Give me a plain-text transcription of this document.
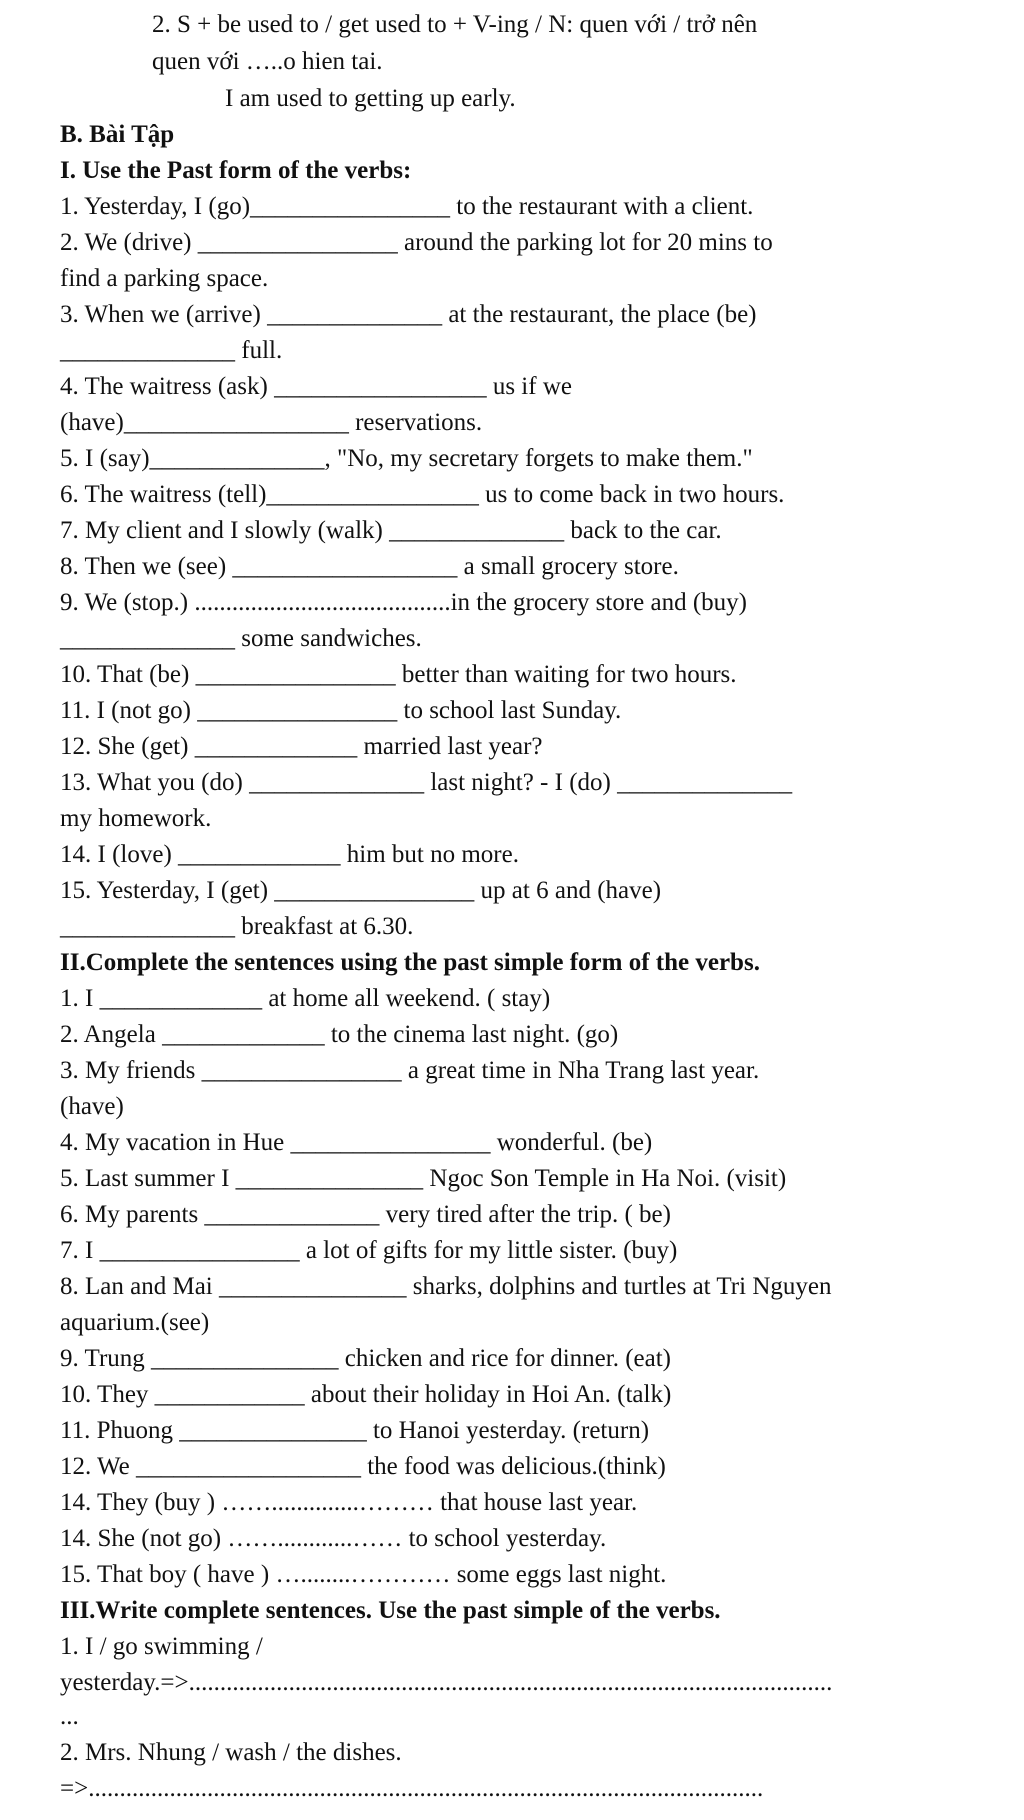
2. S + be used to / get used to + V-ing / N: quen với / trở nên
quen với …..o hien tai.
I am used to getting up early.
B. Bài Tập
I. Use the Past form of the verbs:
1. Yesterday, I (go)________________ to the restaurant with a client.
2. We (drive) ________________ around the parking lot for 20 mins to
find a parking space.
3. When we (arrive) ______________ at the restaurant, the place (be)
______________ full.
4. The waitress (ask) _________________ us if we
(have)__________________ reservations.
5. I (say)______________, "No, my secretary forgets to make them."
6. The waitress (tell)_________________ us to come back in two hours.
7. My client and I slowly (walk) ______________ back to the car.
8. Then we (see) __________________ a small grocery store.
9. We (stop.) .........................................in the grocery store and (buy)
______________ some sandwiches.
10. That (be) ________________ better than waiting for two hours.
11. I (not go) ________________ to school last Sunday.
12. She (get) _____________ married last year?
13. What you (do) ______________ last night? - I (do) ______________
my homework.
14. I (love) _____________ him but no more.
15. Yesterday, I (get) ________________ up at 6 and (have)
______________ breakfast at 6.30.
II.Complete the sentences using the past simple form of the verbs.
1. I _____________ at home all weekend. ( stay)
2. Angela _____________ to the cinema last night. (go)
3. My friends ________________ a great time in Nha Trang last year.
(have)
4. My vacation in Hue ________________ wonderful. (be)
5. Last summer I _______________ Ngoc Son Temple in Ha Noi. (visit)
6. My parents ______________ very tired after the trip. ( be)
7. I ________________ a lot of gifts for my little sister. (buy)
8. Lan and Mai _______________ sharks, dolphins and turtles at Tri Nguyen
aquarium.(see)
9. Trung _______________ chicken and rice for dinner. (eat)
10. They ____________ about their holiday in Hoi An. (talk)
11. Phuong _______________ to Hanoi yesterday. (return)
12. We __________________ the food was delicious.(think)
14. They (buy ) ……..............……… that house last year.
14. She (not go) ……............…… to school yesterday.
15. That boy ( have ) …........………… some eggs last night.
III.Write complete sentences. Use the past simple of the verbs.
1. I / go swimming /
yesterday.=>.......................................................................................................
...
2. Mrs. Nhung / wash / the dishes.
=>............................................................................................................
